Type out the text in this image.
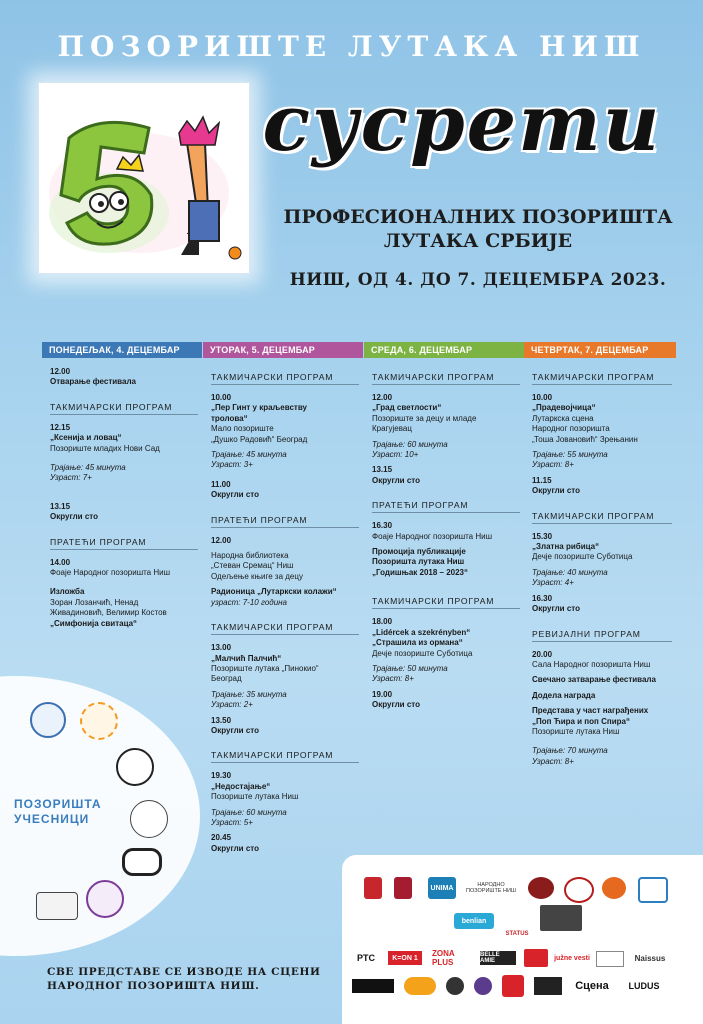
ПОЗОРИШТЕ ЛУТАКА НИШ
сусрети
ПРОФЕСИОНАЛНИХ ПОЗОРИШТА
ЛУТАКА СРБИЈЕ
НИШ, ОД 4. ДО 7. ДЕЦЕМБРА 2023.
ПОНЕДЕЉАК, 4. ДЕЦЕМБАР
12.00
Отварање фестивала
ТАКМИЧАРСКИ ПРОГРАМ
12.15
„Ксенија и ловац“
Позориште младих Нови Сад
Трајање: 45 минута
Узраст: 7+
13.15
Округли сто
ПРАТЕЋИ ПРОГРАМ
14.00
Фоаје Народног позоришта Ниш
Изложба
Зоран Лозанчић, Ненад
Живадиновић, Велимир Костов
„Симфонија свитаца“
УТОРАК, 5. ДЕЦЕМБАР
ТАКМИЧАРСКИ ПРОГРАМ
10.00
„Пер Гинт у краљевству
тролова“
Мало позориште
„Душко Радовић“ Београд
Трајање: 45 минута
Узраст: 3+
11.00
Округли сто
ПРАТЕЋИ ПРОГРАМ
12.00
Народна библиотека
„Стеван Сремац“ Ниш
Одељење књиге за децу
Радионица „Лутаркски колажи“
узраст: 7-10 година
ТАКМИЧАРСКИ ПРОГРАМ
13.00
„Малчић Палчић“
Позориште лутака „Пинокио“
Београд
Трајање: 35 минута
Узраст: 2+
13.50
Округли сто
ТАКМИЧАРСКИ ПРОГРАМ
19.30
„Недостајање“
Позориште лутака Ниш
Трајање: 60 минута
Узраст: 5+
20.45
Округли сто
СРЕДА, 6. ДЕЦЕМБАР
ТАКМИЧАРСКИ ПРОГРАМ
12.00
„Град светлости“
Позориште за децу и младе
Крагујевац
Трајање: 60 минута
Узраст: 10+
13.15
Округли сто
ПРАТЕЋИ ПРОГРАМ
16.30
Фоаје Народног позоришта Ниш
Промоција публикације
Позоришта лутака Ниш
„Годишњак 2018 – 2023“
ТАКМИЧАРСКИ ПРОГРАМ
18.00
„Lidércek a szekrényben“
„Страшила из ормана“
Дечје позориште Суботица
Трајање: 50 минута
Узраст: 8+
19.00
Округли сто
ЧЕТВРТАК, 7. ДЕЦЕМБАР
ТАКМИЧАРСКИ ПРОГРАМ
10.00
„Прадевојчица“
Лутаркска сцена
Народног позоришта
„Тоша Јовановић“ Зрењанин
Трајање: 55 минута
Узраст: 8+
11.15
Округли сто
ТАКМИЧАРСКИ ПРОГРАМ
15.30
„Златна рибица“
Дечје позориште Суботица
Трајање: 40 минута
Узраст: 4+
16.30
Округли сто
РЕВИЈАЛНИ ПРОГРАМ
20.00
Сала Народног позоришта Ниш
Свечано затварање фестивала
Додела награда
Представа у част награђених
„Поп Ћира и поп Спира“
Позориште лутака Ниш
Трајање: 70 минута
Узраст: 8+
ПОЗОРИШТА
УЧЕСНИЦИ
СВЕ ПРЕДСТАВЕ СЕ ИЗВОДЕ НА СЦЕНИ
НАРОДНОГ ПОЗОРИШТА НИШ.
UNIMA	НАРОДНО ПОЗОРИШТЕ НИШ
benlian
STATUS
PTC	K=ON 1	ZONA PLUS
BELLE AMIE	južne vesti	Naissus
Сцена	LUDUS
